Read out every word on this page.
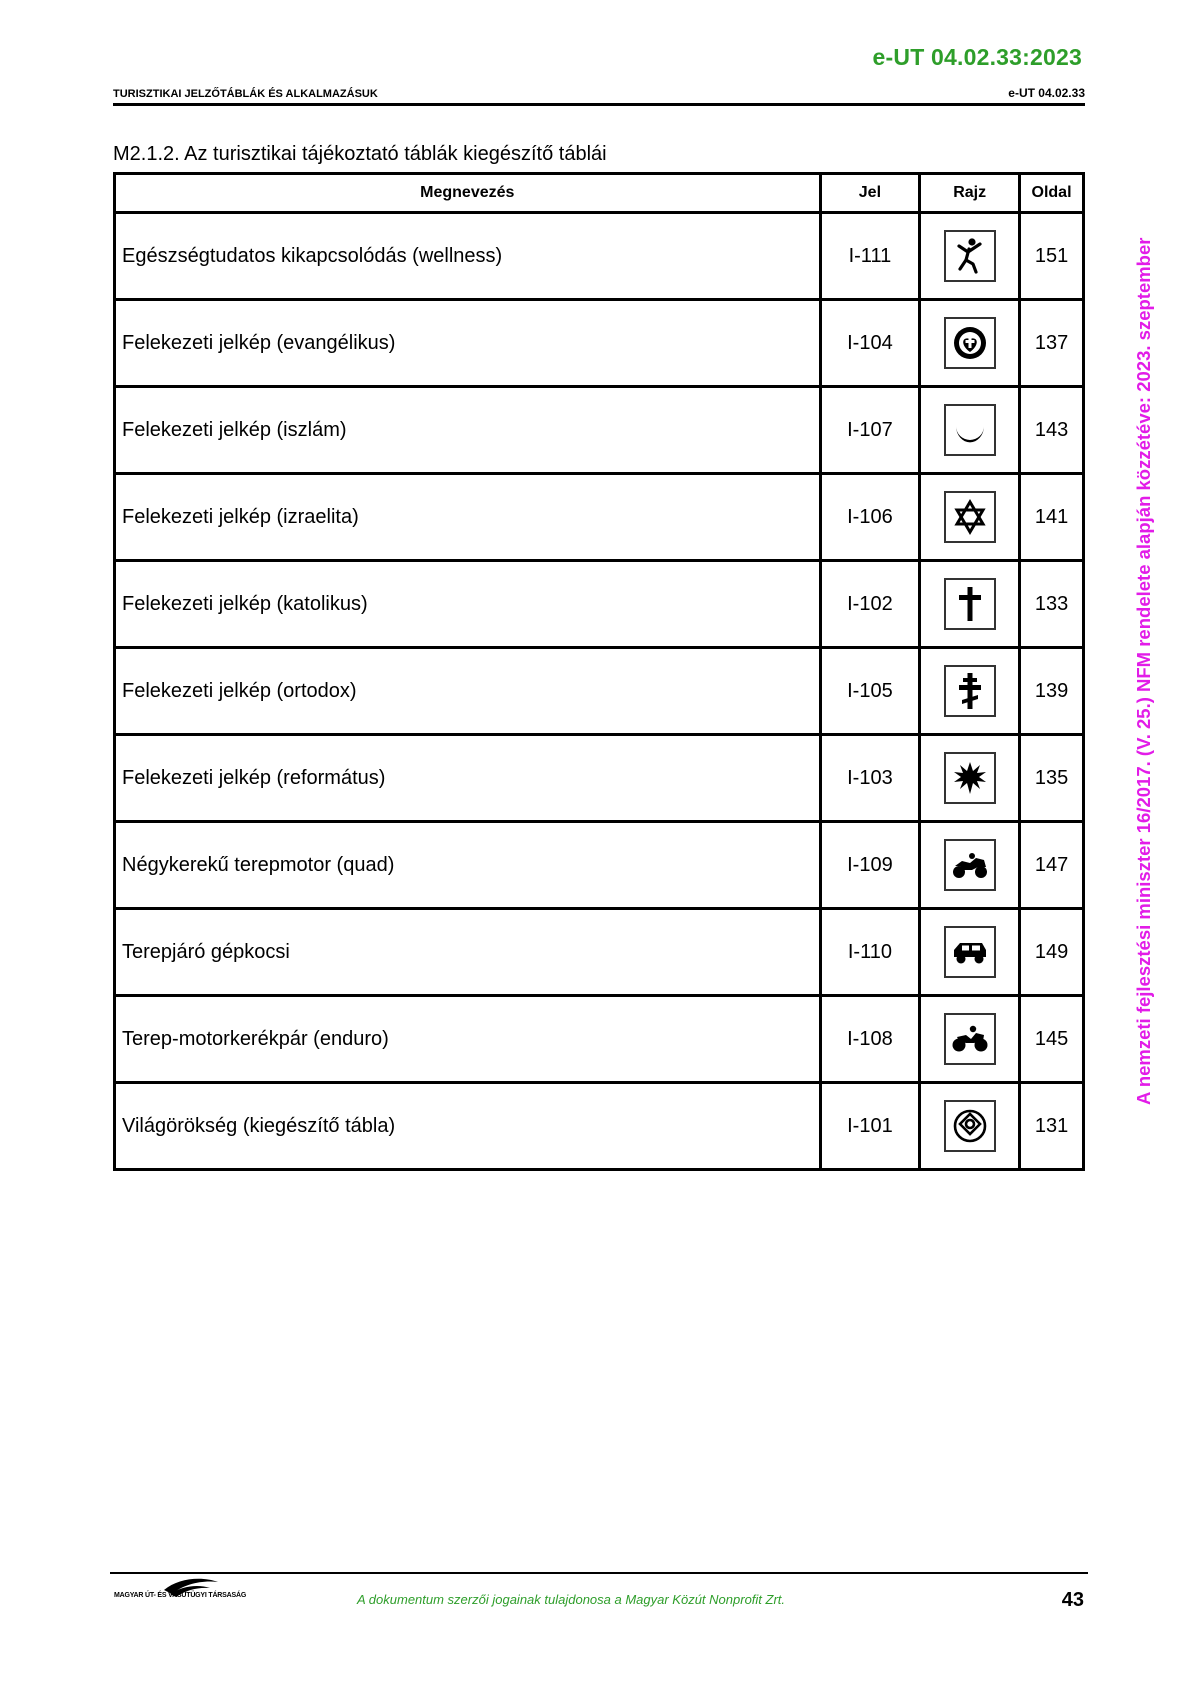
e-UT 04.02.33:2023
TURISZTIKAI JELZŐTÁBLÁK ÉS ALKALMAZÁSUK	e-UT 04.02.33
M2.1.2. Az turisztikai tájékoztató táblák kiegészítő táblái
Megnevezés	Jel	Rajz	Oldal
Egészségtudatos kikapcsolódás (wellness)	I-111		151
Felekezeti jelkép (evangélikus)	I-104		137
Felekezeti jelkép (iszlám)	I-107		143
Felekezeti jelkép (izraelita)	I-106		141
Felekezeti jelkép (katolikus)	I-102		133
Felekezeti jelkép (ortodox)	I-105		139
Felekezeti jelkép (református)	I-103		135
Négykerekű terepmotor (quad)	I-109		147
Terepjáró gépkocsi	I-110		149
Terep-motorkerékpár (enduro)	I-108		145
Világörökség (kiegészítő tábla)	I-101		131
A nemzeti fejlesztési miniszter 16/2017. (V. 25.) NFM rendelete alapján közzétéve: 2023. szeptember
MAGYAR ÚT- ÉS VASÚTÜGYI TÁRSASÁG	A dokumentum szerzői jogainak tulajdonosa a Magyar Közút Nonprofit Zrt.	43
